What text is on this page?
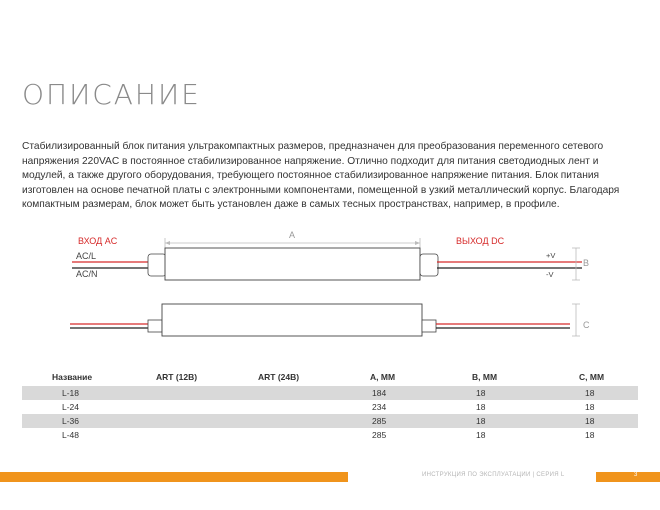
ОПИСАНИЕ
Стабилизированный блок питания ультракомпактных размеров, предназначен для преобразования переменного сетевого напряжения 220VAC в постоянное стабилизированное напряжение. Отлично подходит для питания светодиодных лент и модулей, а также другого оборудования, требующего постоянное стабилизированное напряжение питания. Блок питания изготовлен на основе печатной платы с электронными компонентами, помещенной в узкий металлический корпус. Благодаря компактным размерам, блок может быть установлен даже в самых тесных пространствах, например, в профиле.
ВХОД AC
AC/L
AC/N
A
ВЫХОД DC
+V
-V
B
C
Название	ART (12В)	ART (24В)	А, ММ	В, ММ	С, ММ
L-18			184	18	18
L-24			234	18	18
L-36			285	18	18
L-48			285	18	18
ИНСТРУКЦИЯ ПО ЭКСПЛУАТАЦИИ | СЕРИЯ L	3
